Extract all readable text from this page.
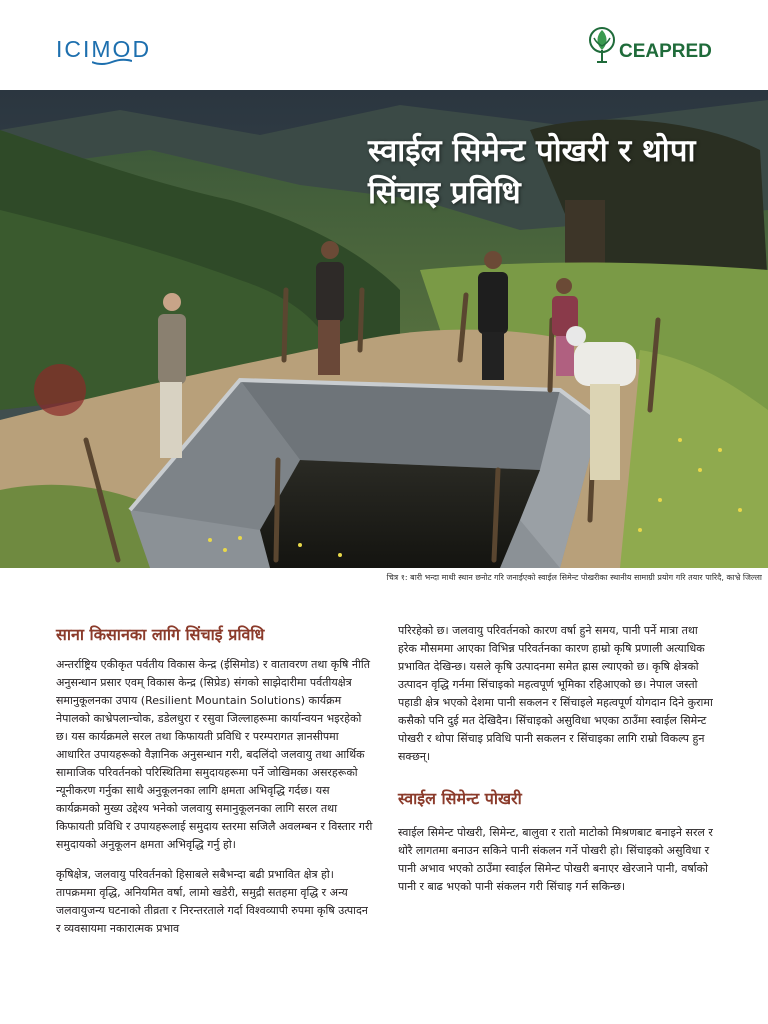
ICIMOD	CEAPRED
स्वाईल सिमेन्ट पोखरी र थोपा सिंचाइ प्रविधि
चित्र १: बारी भन्दा माथी स्थान छनोट गरि जनाईएको स्वाईल सिमेन्ट पोखरीका स्थानीय सामाग्री प्रयोग गरि तयार पारिदै, काभ्रे जिल्ला
साना किसानका लागि सिंचाई प्रविधि

अन्तर्राष्ट्रिय एकीकृत पर्वतीय विकास केन्द्र (ईसिमोड) र वातावरण तथा कृषि नीति अनुसन्धान प्रसार एवम् विकास केन्द्र (सिप्रेड) संगको साझेदारीमा पर्वतीयक्षेत्र समानुकूलनका उपाय (Resilient Mountain Solutions) कार्यक्रम नेपालको काभ्रेपलान्चोक, डडेलधुरा र रसुवा जिल्लाहरूमा कार्यान्वयन भइरहेको छ। यस कार्यक्रमले सरल तथा किफायती प्रविधि र परम्परागत ज्ञानसीपमा आधारित उपायहरूको वैज्ञानिक अनुसन्धान गरी, बदलिंदो जलवायु तथा आर्थिक सामाजिक परिवर्तनको परिस्थितिमा समुदायहरूमा पर्ने जोखिमका असरहरूको न्यूनीकरण गर्नुका साथै अनुकूलनका लागि क्षमता अभिवृद्धि गर्दछ। यस कार्यक्रमको मुख्य उद्देश्य भनेको जलवायु समानुकूलनका लागि सरल तथा किफायती प्रविधि र उपायहरूलाई समुदाय स्तरमा सजिलै अवलम्बन र विस्तार गरी समुदायको अनुकूलन क्षमता अभिवृद्धि गर्नु हो।

कृषिक्षेत्र, जलवायु परिवर्तनको हिसाबले सबैभन्दा बढी प्रभावित क्षेत्र हो। तापक्रममा वृद्धि, अनियमित वर्षा, लामो खडेरी, समुद्री सतहमा वृद्धि र अन्य जलवायुजन्य घटनाको तीव्रता र निरन्तरताले गर्दा विश्वव्यापी रुपमा कृषि उत्पादन र व्यवसायमा नकारात्मक प्रभाव

परिरहेको छ। जलवायु परिवर्तनको कारण वर्षा हुने समय, पानी पर्ने मात्रा तथा हरेक मौसममा आएका विभिन्न परिवर्तनका कारण हाम्रो कृषि प्रणाली अत्याधिक प्रभावित देखिन्छ। यसले कृषि उत्पादनमा समेत ह्रास ल्याएको छ। कृषि क्षेत्रको उत्पादन वृद्धि गर्नमा सिंचाइको महत्वपूर्ण भूमिका रहिआएको छ। नेपाल जस्तो पहाडी क्षेत्र भएको देशमा पानी सकलन र सिंचाइले महत्वपूर्ण योगदान दिने कुरामा कसैको पनि दुई मत देखिदैन। सिंचाइको असुविधा भएका ठाउँमा स्वाईल सिमेन्ट पोखरी र थोपा सिंचाइ प्रविधि पानी सकलन र सिंचाइका लागि राम्रो विकल्प हुन सक्छन्।

स्वाईल सिमेन्ट पोखरी

स्वाईल सिमेन्ट पोखरी, सिमेन्ट, बालुवा र रातो माटोको मिश्रणबाट बनाइने सरल र थोरै लागतमा बनाउन सकिने पानी संकलन गर्ने पोखरी हो। सिंचाइको असुविधा र पानी अभाव भएको ठाउँमा स्वाईल सिमेन्ट पोखरी बनाएर खेरजाने पानी, वर्षाको पानी र बाढ भएको पानी संकलन गरी सिंचाइ गर्न सकिन्छ।
